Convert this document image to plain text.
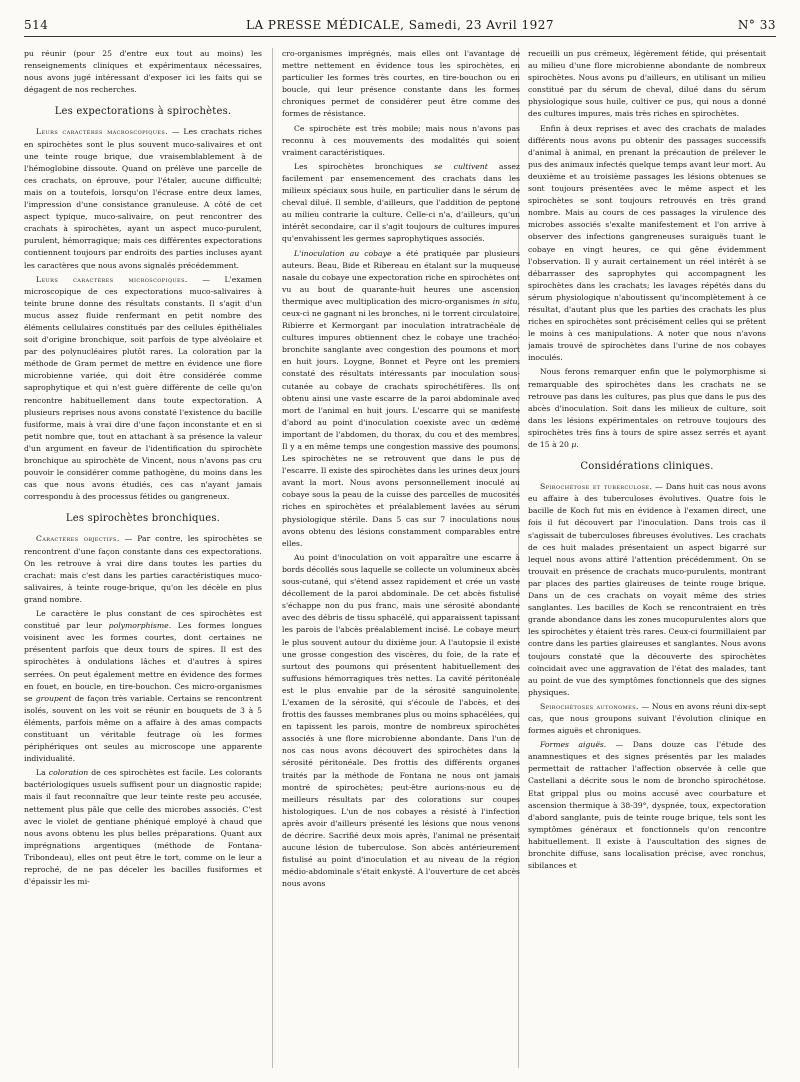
514	LA PRESSE MÉDICALE, Samedi, 23 Avril 1927	N° 33

pu réunir (pour 25 d'entre eux tout au moins) les renseignements cliniques et expérimentaux nécessaires, nous avons jugé intéressant d'exposer ici les faits qui se dégagent de nos recherches.

Les expectorations à spirochètes.

Leurs caractères macroscopiques. — Les crachats riches en spirochètes sont le plus souvent muco-salivaires et ont une teinte rouge brique, due vraisemblablement à de l'hémoglobine dissoute. Quand on prélève une parcelle de ces crachats, on éprouve, pour l'étaler, aucune difficulté; mais on a toutefois, lorsqu'on l'écrase entre deux lames, l'impression d'une consistance granuleuse. A côté de cet aspect typique, muco-salivaire, on peut rencontrer des crachats à spirochètes, ayant un aspect muco-purulent, purulent, hémorragique; mais ces différentes expectorations contiennent toujours par endroits des parties incluses ayant les caractères que nous avons signalés précédemment.

Leurs caractères microscopiques. — L'examen microscopique de ces expectorations muco-salivaires à teinte brune donne des résultats constants. Il s'agit d'un mucus assez fluide renfermant en petit nombre des éléments cellulaires constitués par des cellules épithéliales soit d'origine bronchique, soit parfois de type alvéolaire et par des polynucléaires plutôt rares. La coloration par la méthode de Gram permet de mettre en évidence une flore microbienne variée, qui doit être considérée comme saprophytique et qui n'est guère différente de celle qu'on rencontre habituellement dans toute expectoration. A plusieurs reprises nous avons constaté l'existence du bacille fusiforme, mais à vrai dire d'une façon inconstante et en si petit nombre que, tout en attachant à sa présence la valeur d'un argument en faveur de l'identification du spirochète bronchique au spirochète de Vincent, nous n'avons pas cru pouvoir le considérer comme pathogène, du moins dans les cas que nous avons étudiés, ces cas n'ayant jamais correspondu à des processus fétides ou gangreneux.

Les spirochètes bronchiques.

Caractères objectifs. — Par contre, les spirochètes se rencontrent d'une façon constante dans ces expectorations. On les retrouve à vrai dire dans toutes les parties du crachat: mais c'est dans les parties caractéristiques muco-salivaires, à teinte rouge-brique, qu'on les décèle en plus grand nombre.

Le caractère le plus constant de ces spirochètes est constitué par leur polymorphisme. Les formes longues voisinent avec les formes courtes, dont certaines ne présentent parfois que deux tours de spires. Il est des spirochètes à ondulations lâches et d'autres à spires serrées. On peut également mettre en évidence des formes en fouet, en boucle, en tire-bouchon. Ces micro-organismes se groupent de façon très variable. Certains se rencontrent isolés, souvent on les voit se réunir en bouquets de 3 à 5 éléments, parfois même on a affaire à des amas compacts constituant un véritable feutrage où les formes périphériques ont seules au microscope une apparente individualité.

La coloration de ces spirochètes est facile. Les colorants bactériologiques usuels suffisent pour un diagnostic rapide; mais il faut reconnaître que leur teinte reste peu accusée, nettement plus pâle que celle des microbes associés. C'est avec le violet de gentiane phéniqué employé à chaud que nous avons obtenu les plus belles préparations. Quant aux imprégnations argentiques (méthode de Fontana-Tribondeau), elles ont peut être le tort, comme on le leur a reproché, de ne pas déceler les bacilles fusiformes et d'épaissir les mi-

cro-organismes imprégnés, mais elles ont l'avantage de mettre nettement en évidence tous les spirochètes, en particulier les formes très courtes, en tire-bouchon ou en boucle, qui leur présence constante dans les formes chroniques permet de considérer peut être comme des formes de résistance.

Ce spirochète est très mobile; mais nous n'avons pas reconnu à ces mouvements des modalités qui soient vraiment caractéristiques.

Les spirochètes bronchiques se cultivent assez facilement par ensemencement des crachats dans les milieux spéciaux sous huile, en particulier dans le sérum de cheval dilué. Il semble, d'ailleurs, que l'addition de peptone au milieu contrarie la culture. Celle-ci n'a, d'ailleurs, qu'un intérêt secondaire, car il s'agit toujours de cultures impures qu'envahissent les germes saprophytiques associés.

L'inoculation au cobaye a été pratiquée par plusieurs auteurs. Beau, Bide et Ribereau en étalant sur la muqueuse nasale du cobaye une expectoration riche en spirochètes ont vu au bout de quarante-huit heures une ascension thermique avec multiplication des micro-organismes in situ, ceux-ci ne gagnant ni les bronches, ni le torrent circulatoire. Ribierre et Kermorgant par inoculation intratrachéale de cultures impures obtiennent chez le cobaye une trachéo-bronchite sanglante avec congestion des poumons et mort en huit jours. Loygne, Bonnet et Peyre ont les premiers constaté des résultats intéressants par inoculation sous-cutanée au cobaye de crachats spirochétifères. Ils ont obtenu ainsi une vaste escarre de la paroi abdominale avec mort de l'animal en huit jours. L'escarre qui se manifeste d'abord au point d'inoculation coexiste avec un œdème important de l'abdomen, du thorax, du cou et des membres. Il y a en même temps une congestion massive des poumons. Les spirochètes ne se retrouvent que dans le pus de l'escarre. Il existe des spirochètes dans les urines deux jours avant la mort. Nous avons personnellement inoculé au cobaye sous la peau de la cuisse des parcelles de mucosités riches en spirochètes et préalablement lavées au sérum physiologique stérile. Dans 5 cas sur 7 inoculations nous avons obtenu des lésions constamment comparables entre elles.

Au point d'inoculation on voit apparaître une escarre à bords décollés sous laquelle se collecte un volumineux abcès sous-cutané, qui s'étend assez rapidement et crée un vaste décollement de la paroi abdominale. De cet abcès fistulisé s'échappe non du pus franc, mais une sérosité abondante avec des débris de tissu sphacélé, qui apparaissent tapissant les parois de l'abcès préalablement incisé. Le cobaye meurt le plus souvent autour du dixième jour. A l'autopsie il existe une grosse congestion des viscères, du foie, de la rate et surtout des poumons qui présentent habituellement des suffusions hémorragiques très nettes. La cavité péritonéale est le plus envahie par de la sérosité sanguinolente. L'examen de la sérosité, qui s'écoule de l'abcès, et des frottis des fausses membranes plus ou moins sphacélées, qui en tapissent les parois, montre de nombreux spirochètes associés à une flore microbienne abondante. Dans l'un de nos cas nous avons découvert des spirochètes dans la sérosité péritonéale. Des frottis des différents organes traités par la méthode de Fontana ne nous ont jamais montré de spirochètes; peut-être aurions-nous eu de meilleurs résultats par des colorations sur coupes histologiques. L'un de nos cobayes a résisté à l'infection après avoir d'ailleurs présenté les lésions que nous venons de décrire. Sacrifié deux mois après, l'animal ne présentait aucune lésion de tuberculose. Son abcès antérieurement fistulisé au point d'inoculation et au niveau de la région médio-abdominale s'était enkysté. A l'ouverture de cet abcès nous avons

recueilli un pus crémeux, légèrement fétide, qui présentait au milieu d'une flore microbienne abondante de nombreux spirochètes. Nous avons pu d'ailleurs, en utilisant un milieu constitué par du sérum de cheval, dilué dans du sérum physiologique sous huile, cultiver ce pus, qui nous a donné des cultures impures, mais très riches en spirochètes.

Enfin à deux reprises et avec des crachats de malades différents nous avons pu obtenir des passages successifs d'animal à animal, en prenant la précaution de prélever le pus des animaux infectés quelque temps avant leur mort. Au deuxième et au troisième passages les lésions obtenues se sont toujours présentées avec le même aspect et les spirochètes se sont toujours retrouvés en très grand nombre. Mais au cours de ces passages la virulence des microbes associés s'exalte manifestement et l'on arrive à observer des infections gangreneuses suraiguës tuant le cobaye en vingt heures, ce qui gêne évidemment l'observation. Il y aurait certainement un réel intérêt à se débarrasser des saprophytes qui accompagnent les spirochètes dans les crachats; les lavages répétés dans du sérum physiologique n'aboutissent qu'incomplètement à ce résultat, d'autant plus que les parties des crachats les plus riches en spirochètes sont précisément celles qui se prêtent le moins à ces manipulations. A noter que nous n'avons jamais trouvé de spirochètes dans l'urine de nos cobayes inoculés.

Nous ferons remarquer enfin que le polymorphisme si remarquable des spirochètes dans les crachats ne se retrouve pas dans les cultures, pas plus que dans le pus des abcès d'inoculation. Soit dans les milieux de culture, soit dans les lésions expérimentales on retrouve toujours des spirochètes très fins à tours de spire assez serrés et ayant de 15 à 20 µ.

Considérations cliniques.

Spirochétose et tuberculose. — Dans huit cas nous avons eu affaire à des tuberculoses évolutives. Quatre fois le bacille de Koch fut mis en évidence à l'examen direct, une fois il fut découvert par l'inoculation. Dans trois cas il s'agissait de tuberculoses fibreuses évolutives. Les crachats de ces huit malades présentaient un aspect bigarré sur lequel nous avons attiré l'attention précédemment. On se trouvait en présence de crachats muco-purulents, montrant par places des parties glaireuses de teinte rouge brique. Dans un de ces crachats on voyait même des stries sanglantes. Les bacilles de Koch se rencontraient en très grande abondance dans les zones mucopurulentes alors que les spirochètes y étaient très rares. Ceux-ci fourmillaient par contre dans les parties glaireuses et sanglantes. Nous avons toujours constaté que la découverte des spirochètes coïncidait avec une aggravation de l'état des malades, tant au point de vue des symptômes fonctionnels que des signes physiques.

Spirochétoses autonomes. — Nous en avons réuni dix-sept cas, que nous groupons suivant l'évolution clinique en formes aiguës et chroniques.

Formes aiguës. — Dans douze cas l'étude des anamnestiques et des signes présentés par les malades permettait de rattacher l'affection observée à celle que Castellani a décrite sous le nom de broncho spirochétose. Etat grippal plus ou moins accusé avec courbature et ascension thermique à 38-39°, dyspnée, toux, expectoration d'abord sanglante, puis de teinte rouge brique, tels sont les symptômes généraux et fonctionnels qu'on rencontre habituellement. Il existe à l'auscultation des signes de bronchite diffuse, sans localisation précise, avec ronchus, sibilances et
